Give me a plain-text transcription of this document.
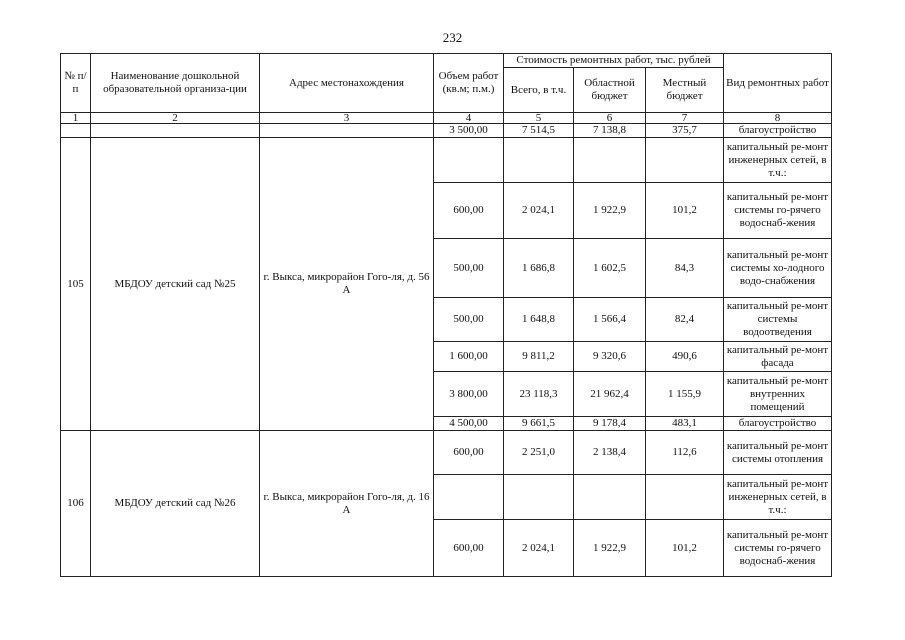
232
№ п/п	Наименование дошкольной образовательной организа-ции	Адрес местонахождения	Объем работ (кв.м; п.м.)	Стоимость ремонтных работ, тыс. рублей			Вид ремонтных работ
				Всего, в т.ч.	Областной бюджет	Местный бюджет	
1	2	3	4	5	6	7	8
			3 500,00	7 514,5	7 138,8	375,7	благоустройство
105	МБДОУ детский сад №25	г. Выкса, микрорайон Гого-ля, д. 56 А					капитальный ре-монт инженерных сетей, в т.ч.:
			600,00	2 024,1	1 922,9	101,2	капитальный ре-монт системы го-рячего водоснаб-жения
			500,00	1 686,8	1 602,5	84,3	капитальный ре-монт системы хо-лодного водо-снабжения
			500,00	1 648,8	1 566,4	82,4	капитальный ре-монт системы водоотведения
			1 600,00	9 811,2	9 320,6	490,6	капитальный ре-монт фасада
			3 800,00	23 118,3	21 962,4	1 155,9	капитальный ре-монт внутренних помещений
			4 500,00	9 661,5	9 178,4	483,1	благоустройство
106	МБДОУ детский сад №26	г. Выкса, микрорайон Гого-ля, д. 16 А	600,00	2 251,0	2 138,4	112,6	капитальный ре-монт системы отопления
							капитальный ре-монт инженерных сетей, в т.ч.:
			600,00	2 024,1	1 922,9	101,2	капитальный ре-монт системы го-рячего водоснаб-жения
